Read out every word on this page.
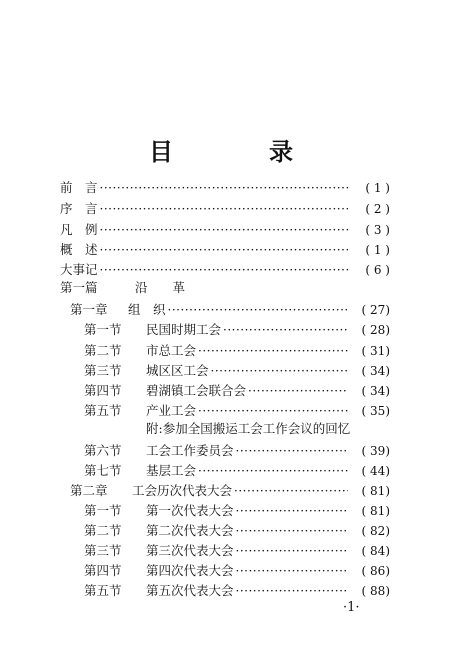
目　录
前　言 ·····	( 1 )
序　言 ·····	( 2 )
凡　例 ·····	( 3 )
概　述 ·····	( 1 )
大事记 ·····	( 6 )
第一篇	沿　　革
第一章	组　织 ·····	( 27)
第一节	民国时期工会 ·····	( 28)
第二节	市总工会 ·····	( 31)
第三节	城区区工会 ·····	( 34)
第四节	碧湖镇工会联合会 ·····	( 34)
第五节	产业工会 ·····	( 35)
附:参加全国搬运工会工作会议的回忆
第六节	工会工作委员会 ·····	( 39)
第七节	基层工会 ·····	( 44)
第二章	工会历次代表大会 ·····	( 81)
第一节	第一次代表大会 ·····	( 81)
第二节	第二次代表大会 ·····	( 82)
第三节	第三次代表大会 ·····	( 84)
第四节	第四次代表大会 ·····	( 86)
第五节	第五次代表大会 ·····	( 88)
·1·
